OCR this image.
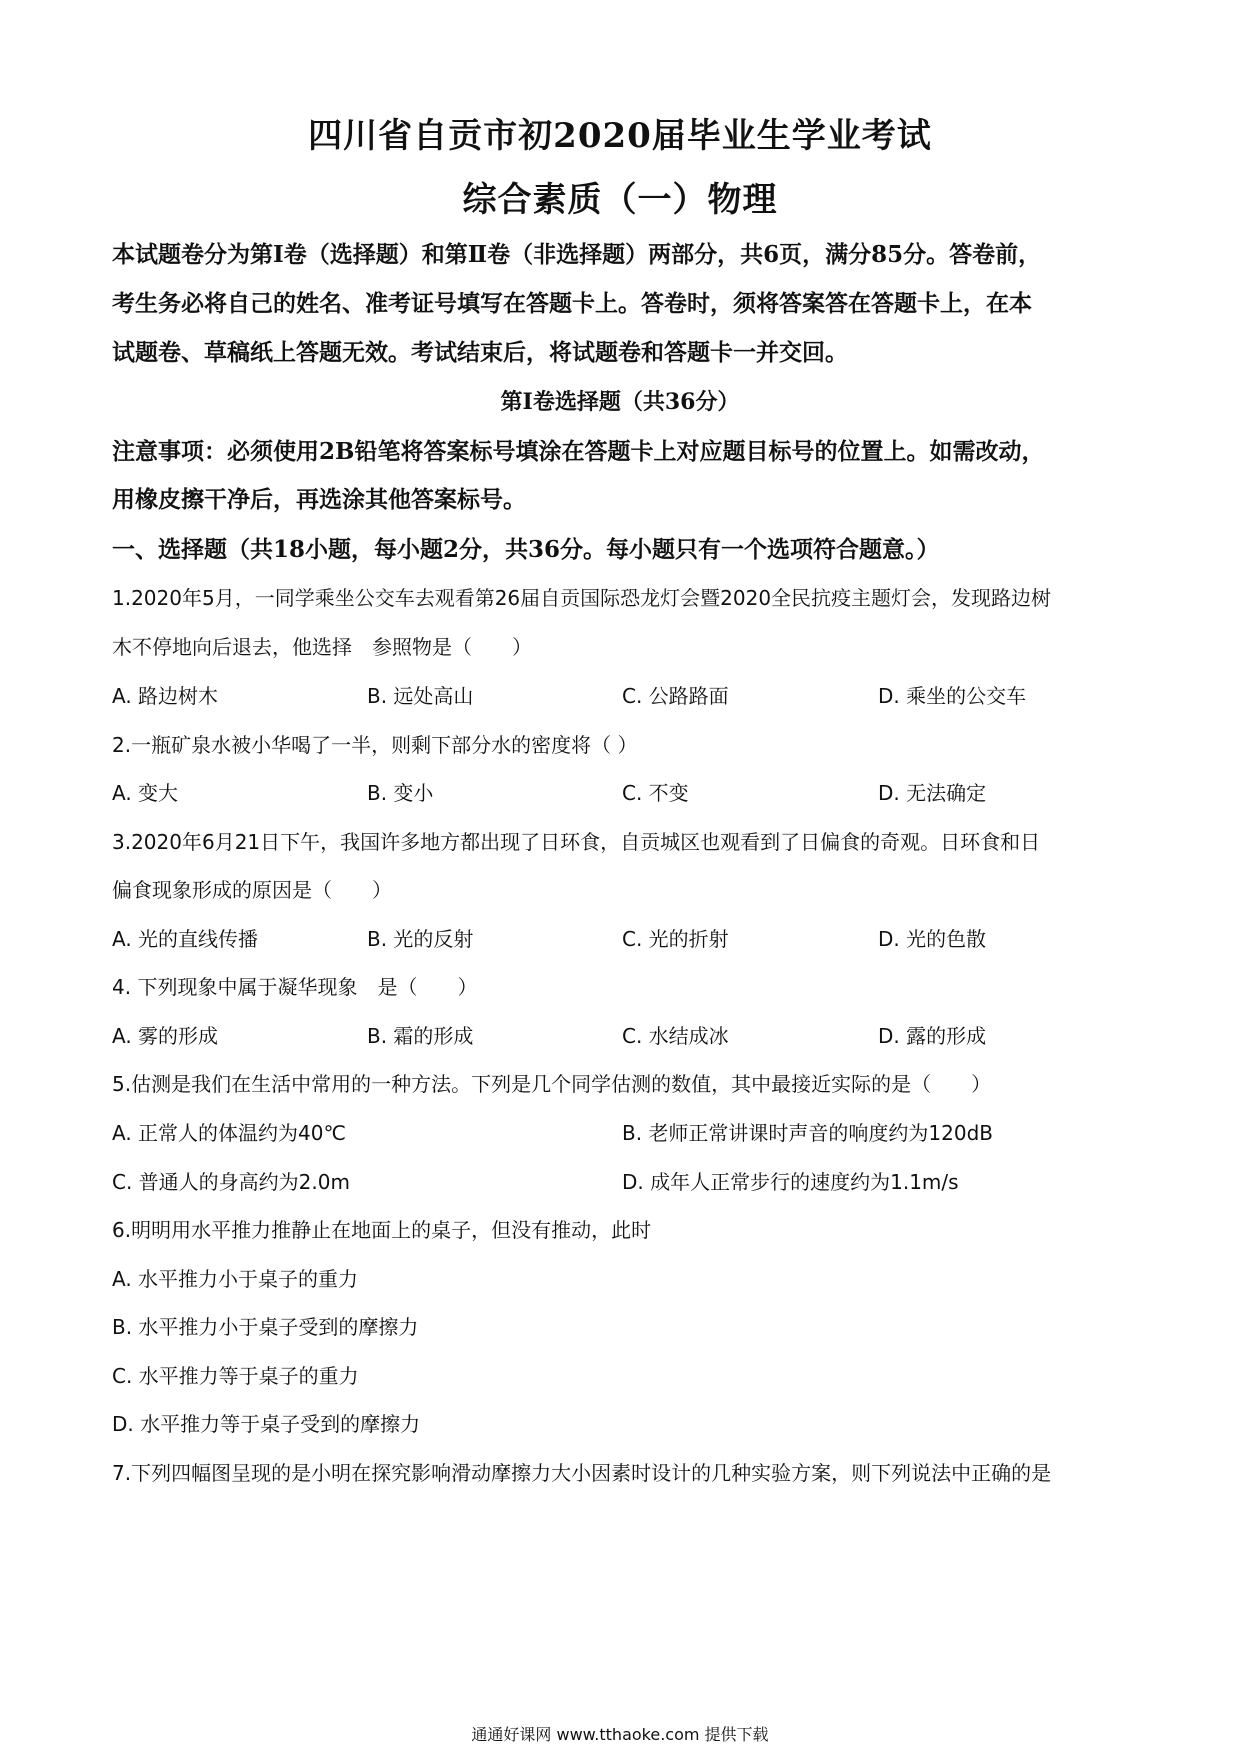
四川省自贡市初2020届毕业生学业考试
综合素质（一）物理
本试题卷分为第Ⅰ卷（选择题）和第Ⅱ卷（非选择题）两部分，共6页，满分85分。答卷前，
考生务必将自己的姓名、准考证号填写在答题卡上。答卷时，须将答案答在答题卡上，在本
试题卷、草稿纸上答题无效。考试结束后，将试题卷和答题卡一并交回。
第Ⅰ卷选择题（共36分）
注意事项：必须使用2B铅笔将答案标号填涂在答题卡上对应题目标号的位置上。如需改动，
用橡皮擦干净后，再选涂其他答案标号。
一、选择题（共18小题，每小题2分，共36分。每小题只有一个选项符合题意。）
1.2020年5月，一同学乘坐公交车去观看第26届自贡国际恐龙灯会暨2020全民抗疫主题灯会，发现路边树
木不停地向后退去，他选择　参照物是（　　）
A. 路边树木	B. 远处高山	C. 公路路面	D. 乘坐的公交车
2.一瓶矿泉水被小华喝了一半，则剩下部分水的密度将（ ）
A. 变大	B. 变小	C. 不变	D. 无法确定
3.2020年6月21日下午，我国许多地方都出现了日环食，自贡城区也观看到了日偏食的奇观。日环食和日
偏食现象形成的原因是（　　）
A. 光的直线传播	B. 光的反射	C. 光的折射	D. 光的色散
4. 下列现象中属于凝华现象　是（　　）
A. 雾的形成	B. 霜的形成	C. 水结成冰	D. 露的形成
5.估测是我们在生活中常用的一种方法。下列是几个同学估测的数值，其中最接近实际的是（　　）
A. 正常人的体温约为40℃	B. 老师正常讲课时声音的响度约为120dB
C. 普通人的身高约为2.0m	D. 成年人正常步行的速度约为1.1m/s
6.明明用水平推力推静止在地面上的桌子，但没有推动，此时
A. 水平推力小于桌子的重力
B. 水平推力小于桌子受到的摩擦力
C. 水平推力等于桌子的重力
D. 水平推力等于桌子受到的摩擦力
7.下列四幅图呈现的是小明在探究影响滑动摩擦力大小因素时设计的几种实验方案，则下列说法中正确的是
通通好课网 www.tthaoke.com 提供下载
